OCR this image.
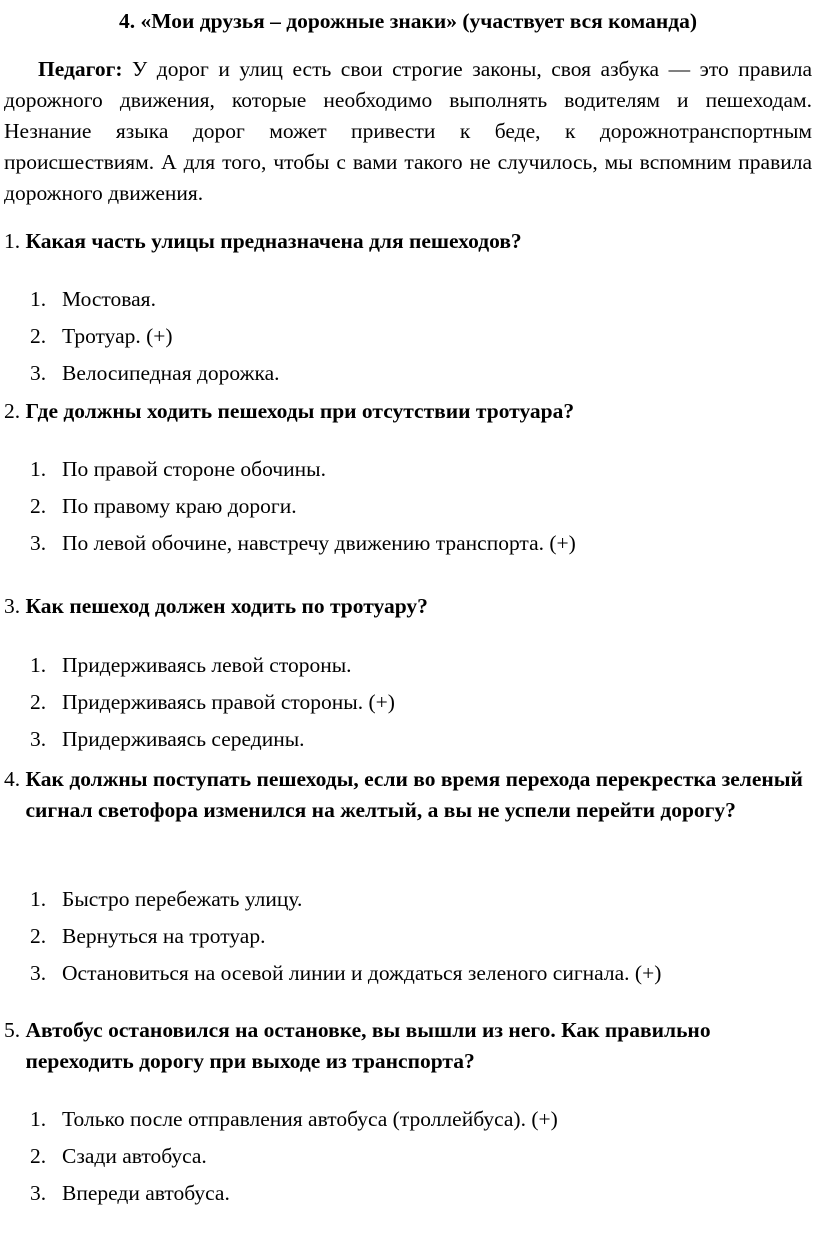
4. «Мои друзья – дорожные знаки» (участвует вся команда)

Педагог: У дорог и улиц есть свои строгие законы, своя азбука — это правила дорожного движения, которые необходимо выполнять водителям и пешеходам. Незнание языка дорог может привести к беде, к дорожнотранспортным происшествиям. А для того, чтобы с вами такого не случилось, мы вспомним правила дорожного движения.

1. Какая часть улицы предназначена для пешеходов?
1. Мостовая.
2. Тротуар. (+)
3. Велосипедная дорожка.
2. Где должны ходить пешеходы при отсутствии тротуара?
1. По правой стороне обочины.
2. По правому краю дороги.
3. По левой обочине, навстречу движению транспорта. (+)
3. Как пешеход должен ходить по тротуару?
1. Придерживаясь левой стороны.
2. Придерживаясь правой стороны. (+)
3. Придерживаясь середины.
4. Как должны поступать пешеходы, если во время перехода перекрестка зеленый сигнал светофора изменился на желтый, а вы не успели перейти дорогу?
1. Быстро перебежать улицу.
2. Вернуться на тротуар.
3. Остановиться на осевой линии и дождаться зеленого сигнала. (+)
5. Автобус остановился на остановке, вы вышли из него. Как правильно переходить дорогу при выходе из транспорта?
1. Только после отправления автобуса (троллейбуса). (+)
2. Сзади автобуса.
3. Впереди автобуса.
